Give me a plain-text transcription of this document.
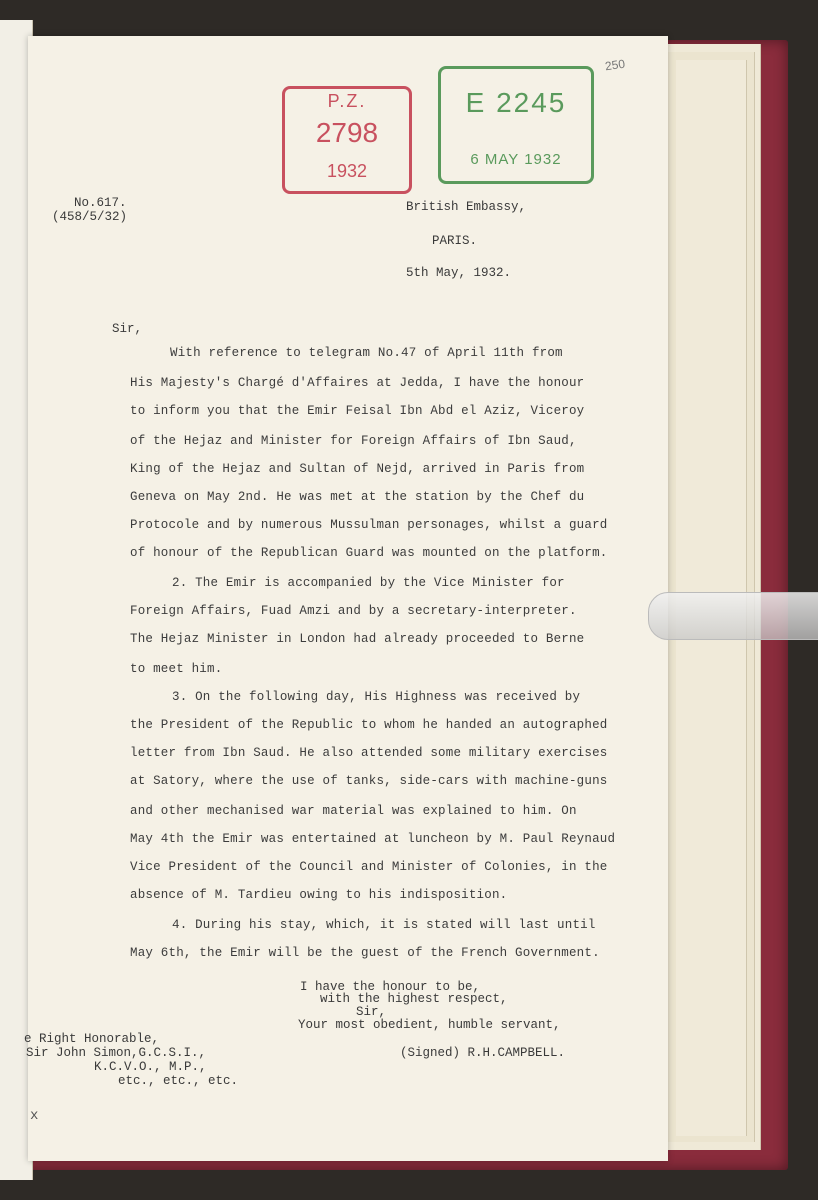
P.Z.
2798
1932
E 2245
6 MAY 1932
250
No.617.
(458/5/32)
British Embassy,
PARIS.
5th May, 1932.
Sir,
With reference to telegram No.47 of April 11th from
His Majesty's Chargé d'Affaires at Jedda, I have the honour
to inform you that the Emir Feisal Ibn Abd el Aziz, Viceroy
of the Hejaz and Minister for Foreign Affairs of Ibn Saud,
King of the Hejaz and Sultan of Nejd, arrived in Paris from
Geneva on May 2nd. He was met at the station by the Chef du
Protocole and by numerous Mussulman personages, whilst a guard
of honour of the Republican Guard was mounted on the platform.
2. The Emir is accompanied by the Vice Minister for
Foreign Affairs, Fuad Amzi and by a secretary-interpreter.
The Hejaz Minister in London had already proceeded to Berne
to meet him.
3. On the following day, His Highness was received by
the President of the Republic to whom he handed an autographed
letter from Ibn Saud. He also attended some military exercises
at Satory, where the use of tanks, side-cars with machine-guns
and other mechanised war material was explained to him. On
May 4th the Emir was entertained at luncheon by M. Paul Reynaud
Vice President of the Council and Minister of Colonies, in the
absence of M. Tardieu owing to his indisposition.
4. During his stay, which, it is stated will last until
May 6th, the Emir will be the guest of the French Government.
I have the honour to be,
with the highest respect,
Sir,
Your most obedient, humble servant,
(Signed) R.H.CAMPBELL.
e Right Honorable,
Sir John Simon,G.C.S.I.,
K.C.V.O., M.P.,
etc., etc., etc.
x
